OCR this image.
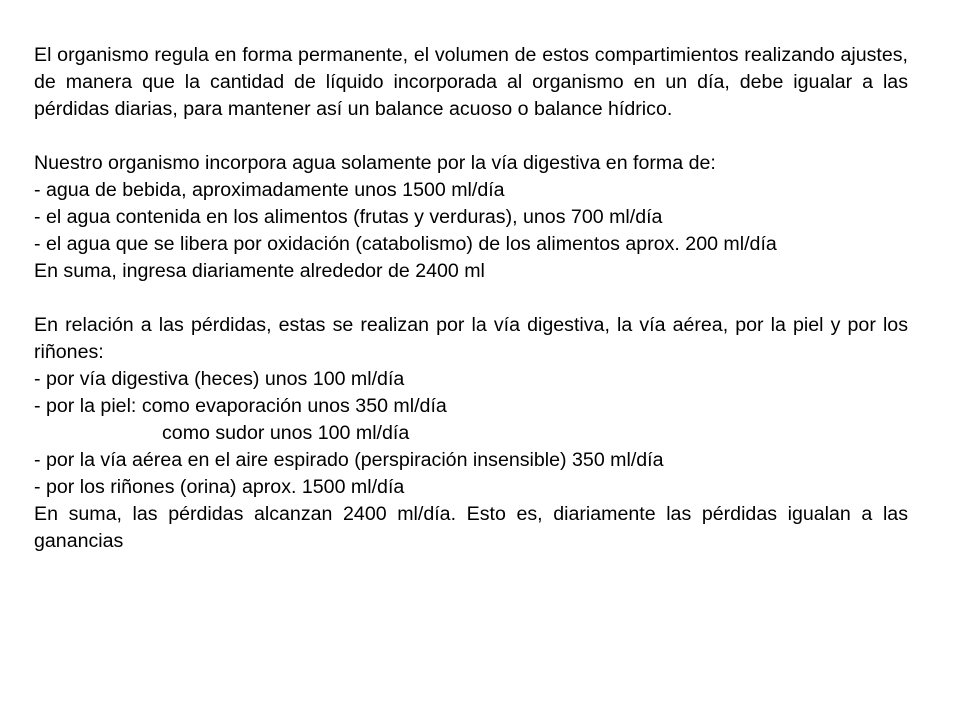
El organismo regula en forma permanente, el volumen de estos compartimientos realizando ajustes, de manera que la cantidad de líquido incorporada al organismo en un día, debe igualar a las pérdidas diarias, para mantener así un balance acuoso o balance hídrico.

Nuestro organismo incorpora agua solamente por la vía digestiva en forma de:

- agua de bebida, aproximadamente unos 1500 ml/día

- el agua contenida en los alimentos (frutas y verduras), unos 700 ml/día

- el agua que se libera por oxidación (catabolismo) de los alimentos aprox. 200 ml/día

En suma, ingresa diariamente alrededor de 2400 ml

En relación a las pérdidas, estas se realizan por la vía digestiva, la vía aérea, por la piel y por los riñones:

- por vía digestiva (heces) unos 100 ml/día

- por la piel: como evaporación unos 350 ml/día

como sudor unos 100 ml/día

- por la vía aérea en el aire espirado (perspiración insensible) 350 ml/día

- por los riñones (orina) aprox. 1500 ml/día

En suma, las pérdidas alcanzan 2400 ml/día. Esto es, diariamente las pérdidas igualan a las ganancias
